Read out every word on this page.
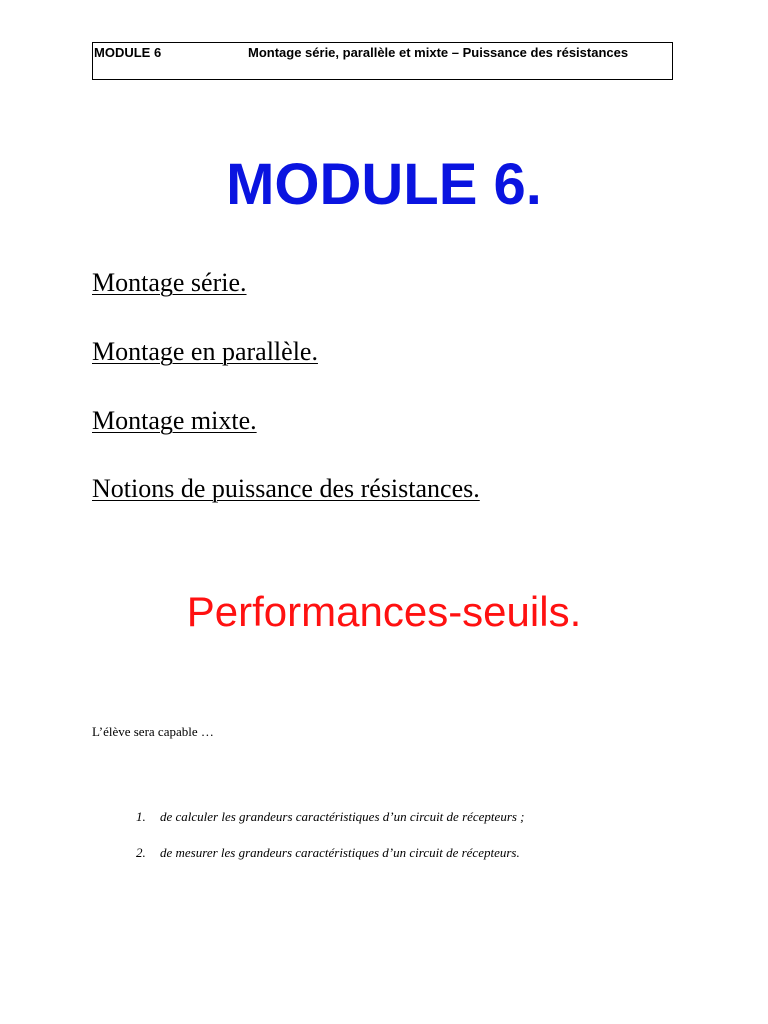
MODULE 6	Montage série, parallèle et mixte – Puissance des résistances
MODULE 6.
Montage série.
Montage en parallèle.
Montage mixte.
Notions de puissance des résistances.
Performances-seuils.
L’élève sera capable …
1. de calculer les grandeurs caractéristiques d’un circuit de récepteurs ;
2. de mesurer les grandeurs caractéristiques d’un circuit de récepteurs.
